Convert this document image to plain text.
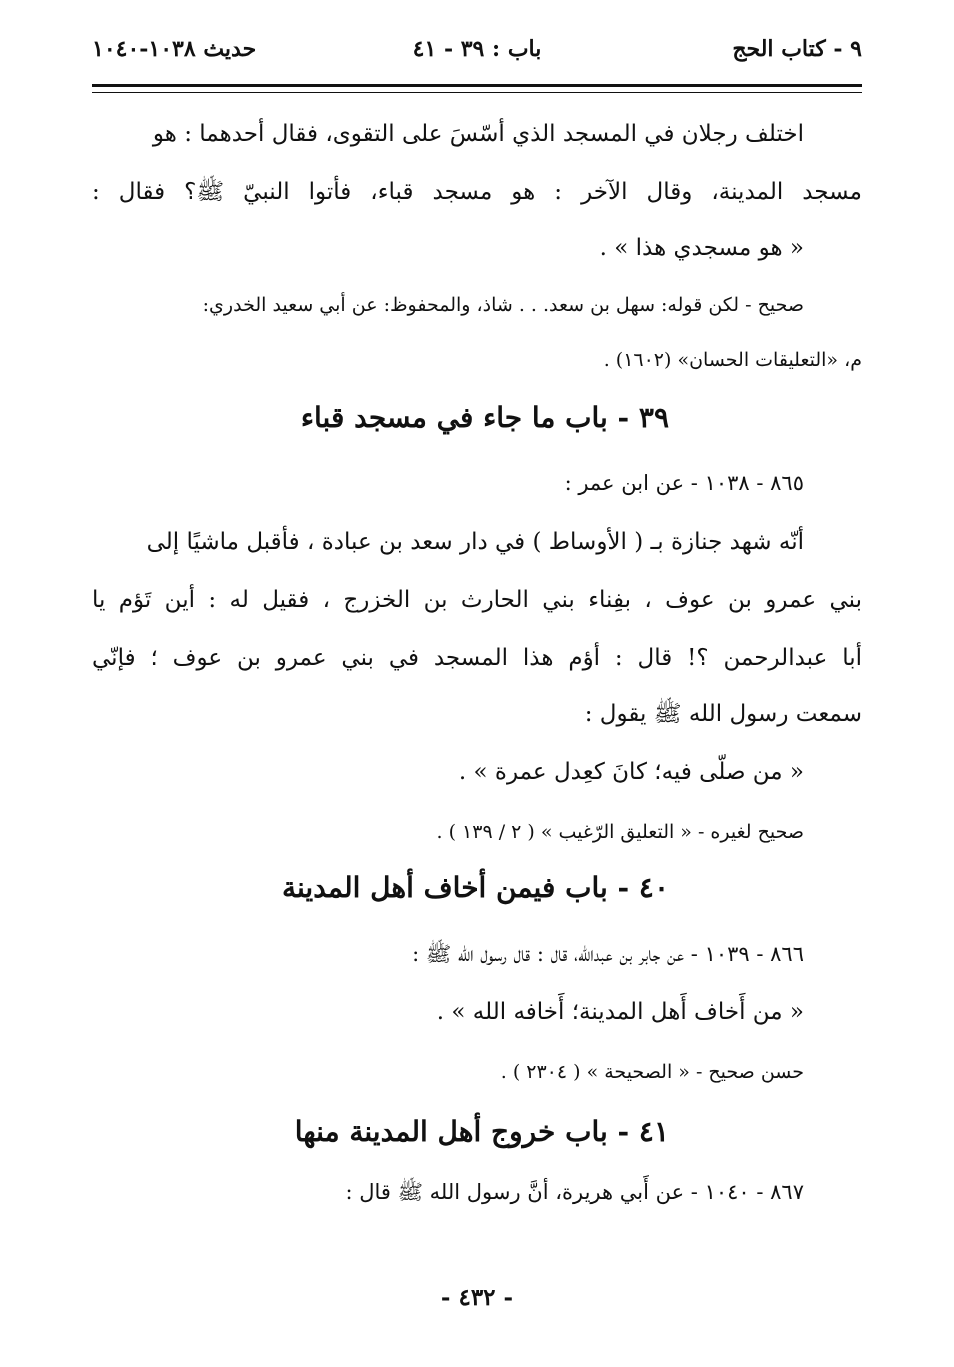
٩ - كتاب الحج
باب : ٣٩ - ٤١
حديث ١٠٣٨-١٠٤٠
اختلف رجلان في المسجد الذي أسّسَ على التقوى، فقال أحدهما : هو
مسجد المدينة، وقال الآخر : هو مسجد قباء، فأتوا النبيّ ﷺ؟ فقال :
« هو مسجدي هذا » .
صحيح - لكن قوله: سهل بن سعد. . . شاذ، والمحفوظ: عن أبي سعيد الخدري:
م، «التعليقات الحسان» (١٦٠٢) .
٣٩ - باب ما جاء في مسجد قباء
٨٦٥ - ١٠٣٨ - عن ابن عمر :
أنّه شهد جنازة بـ ( الأوساط ) في دار سعد بن عبادة ، فأقبل ماشيًا إلى
بني عمرو بن عوف ، بفِناء بني الحارث بن الخزرج ، فقيل له : أين تَؤم يا
أبا عبدالرحمن ؟! قال : أؤم هذا المسجد في بني عمرو بن عوف ؛ فإنّي
سمعت رسول الله ﷺ يقول :
« من صلّى فيه؛ كانَ كعِدل عمرة » .
صحيح لغيره - « التعليق الرّغيب » ( ٢ / ١٣٩ ) .
٤٠ - باب فيمن أخاف أهل المدينة
٨٦٦ - ١٠٣٩ - عن جابر بن عبدالله، قال : قال رسول الله ﷺ :
« من أَخاف أَهل المدينة؛ أَخافه الله » .
حسن صحيح - « الصحيحة » ( ٢٣٠٤ ) .
٤١ - باب خروج أهل المدينة منها
٨٦٧ - ١٠٤٠ - عن أَبي هريرة، أنَّ رسول الله ﷺ قال :
- ٤٣٢ -
